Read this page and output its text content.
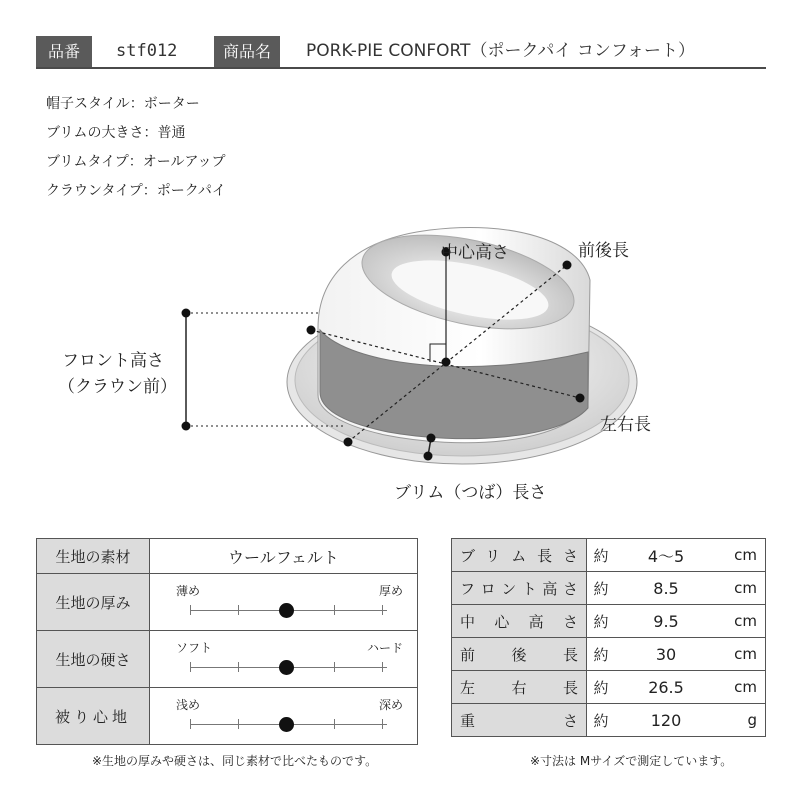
品番	stf012	商品名	PORK-PIE CONFORT（ポークパイ コンフォート）
帽子スタイル：ボーター
ブリムの大きさ：普通
ブリムタイプ：オールアップ
クラウンタイプ：ポークパイ
中心高さ	前後長
フロント高さ
（クラウン前）
左右長
ブリム（つば）長さ
生地の素材	ウールフェルト
生地の厚み	薄め 厚め

生地の硬さ	ソフト ハード

被り心地	浅め 深め
※生地の厚みや硬さは、同じ素材で比べたものです。
ブリム長さ	約	4～5	cm
フロント高さ	約	8.5	cm
中心高さ	約	9.5	cm
前後長	約	30	cm
左右長	約	26.5	cm
重さ	約	120	g
※寸法は Mサイズで測定しています。
